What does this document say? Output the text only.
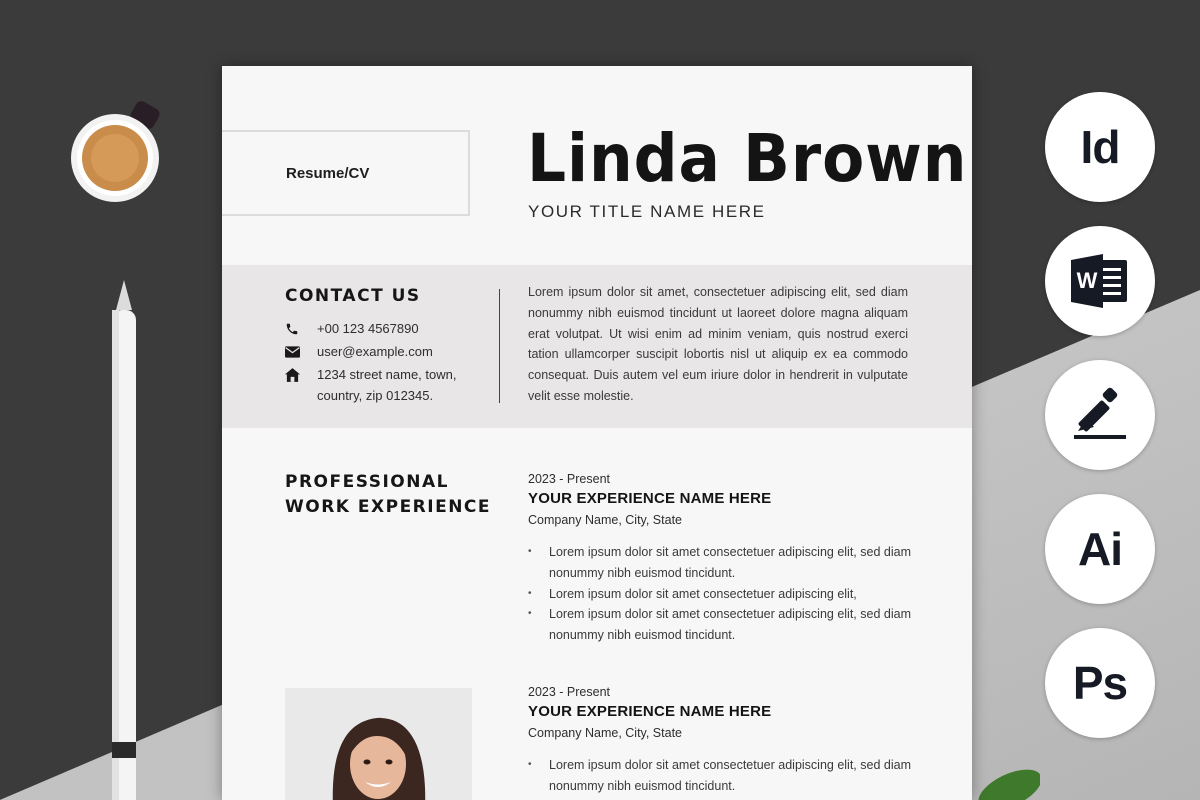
Resume/CV Linda Brown
YOUR TITLE NAME HERE
CONTACT US
+00 123 4567890
user@example.com
1234 street name, town,
country, zip 012345.
Lorem ipsum dolor sit amet, consectetuer adipiscing elit, sed diam nonummy nibh euismod tincidunt ut laoreet dolore magna aliquam erat volutpat. Ut wisi enim ad minim veniam, quis nostrud exerci tation ullamcorper suscipit lobortis nisl ut aliquip ex ea commodo consequat. Duis autem vel eum iriure dolor in hendrerit in vulputate velit esse molestie.
PROFESSIONAL
WORK EXPERIENCE
2023 - Present
YOUR EXPERIENCE NAME HERE
Company Name, City, State
• Lorem ipsum dolor sit amet consectetuer adipiscing elit, sed diam nonummy nibh euismod tincidunt.
• Lorem ipsum dolor sit amet consectetuer adipiscing elit,
• Lorem ipsum dolor sit amet consectetuer adipiscing elit, sed diam nonummy nibh euismod tincidunt.
2023 - Present
YOUR EXPERIENCE NAME HERE
Company Name, City, State
• Lorem ipsum dolor sit amet consectetuer adipiscing elit, sed diam nonummy nibh euismod tincidunt.
Id
W
Ai
Ps
